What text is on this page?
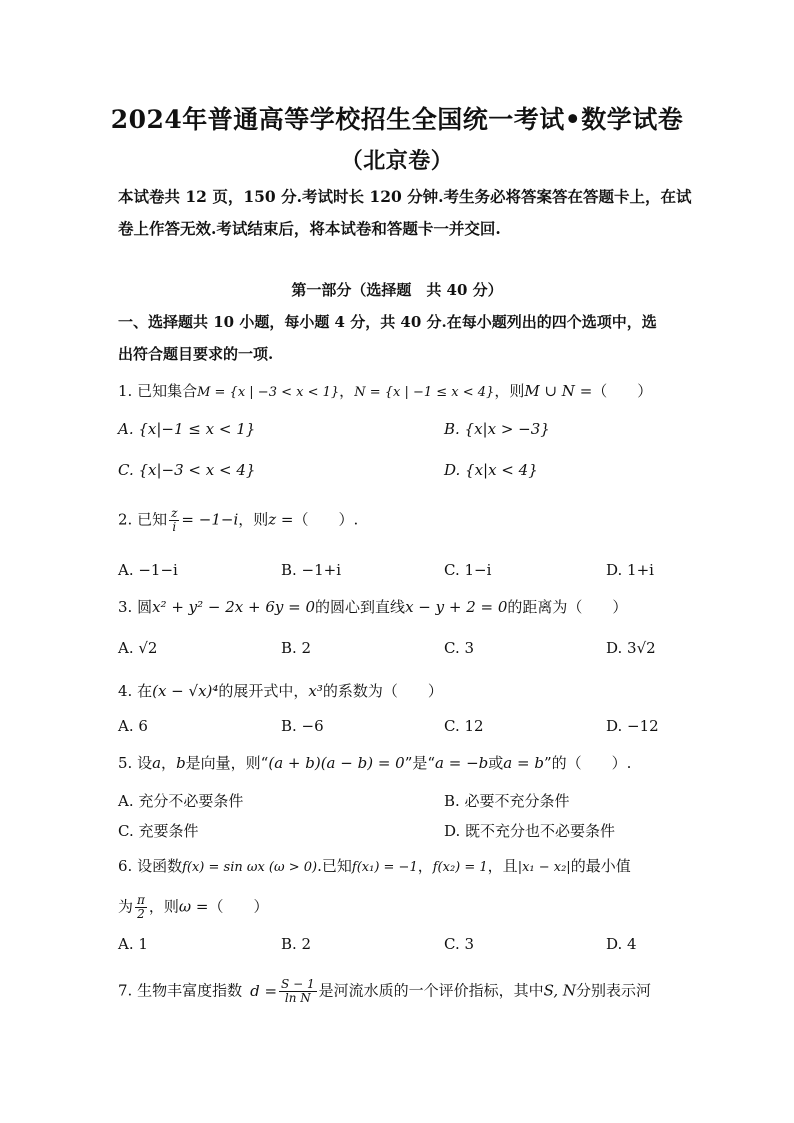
2024年普通高等学校招生全国统一考试•数学试卷
（北京卷）
本试卷共 12 页，150 分.考试时长 120 分钟.考生务必将答案答在答题卡上，在试
卷上作答无效.考试结束后，将本试卷和答题卡一并交回.
第一部分（选择题　共 40 分）
一、选择题共 10 小题，每小题 4 分，共 40 分.在每小题列出的四个选项中，选
出符合题目要求的一项.
1. 已知集合M = {x | −3 < x < 1}，N = {x | −1 ≤ x < 4}，则M ∪ N =（　　）
A. {x|−1 ≤ x < 1}	B. {x|x > −3}
C. {x|−3 < x < 4}	D. {x|x < 4}
2. 已知 $\frac{z}{i} = -1-i$，则z =（　　）.
A. −1−i	B. −1+i	C. 1−i	D. 1+i
3. 圆x² + y² − 2x + 6y = 0的圆心到直线x − y + 2 = 0的距离为（　　）
A. √2	B. 2	C. 3	D. 3√2
4. 在(x − √x)⁴的展开式中，x³的系数为（　　）
A. 6	B. −6	C. 12	D. −12
5. 设a，b是向量，则“(a + b)(a − b) = 0”是“a = −b或a = b”的（　　）.
A. 充分不必要条件	B. 必要不充分条件
C. 充要条件	D. 既不充分也不必要条件
6. 设函数f(x) = sin ωx (ω > 0).已知f(x₁) = −1，f(x₂) = 1，且|x₁ − x₂|的最小值
为 $\frac{\pi}{2}$ ，则ω =（　　）
A. 1	B. 2	C. 3	D. 4
7. 生物丰富度指数 $d = \frac{S - 1}{\text{ln N}}$ 是河流水质的一个评价指标，其中S, N分别表示河
